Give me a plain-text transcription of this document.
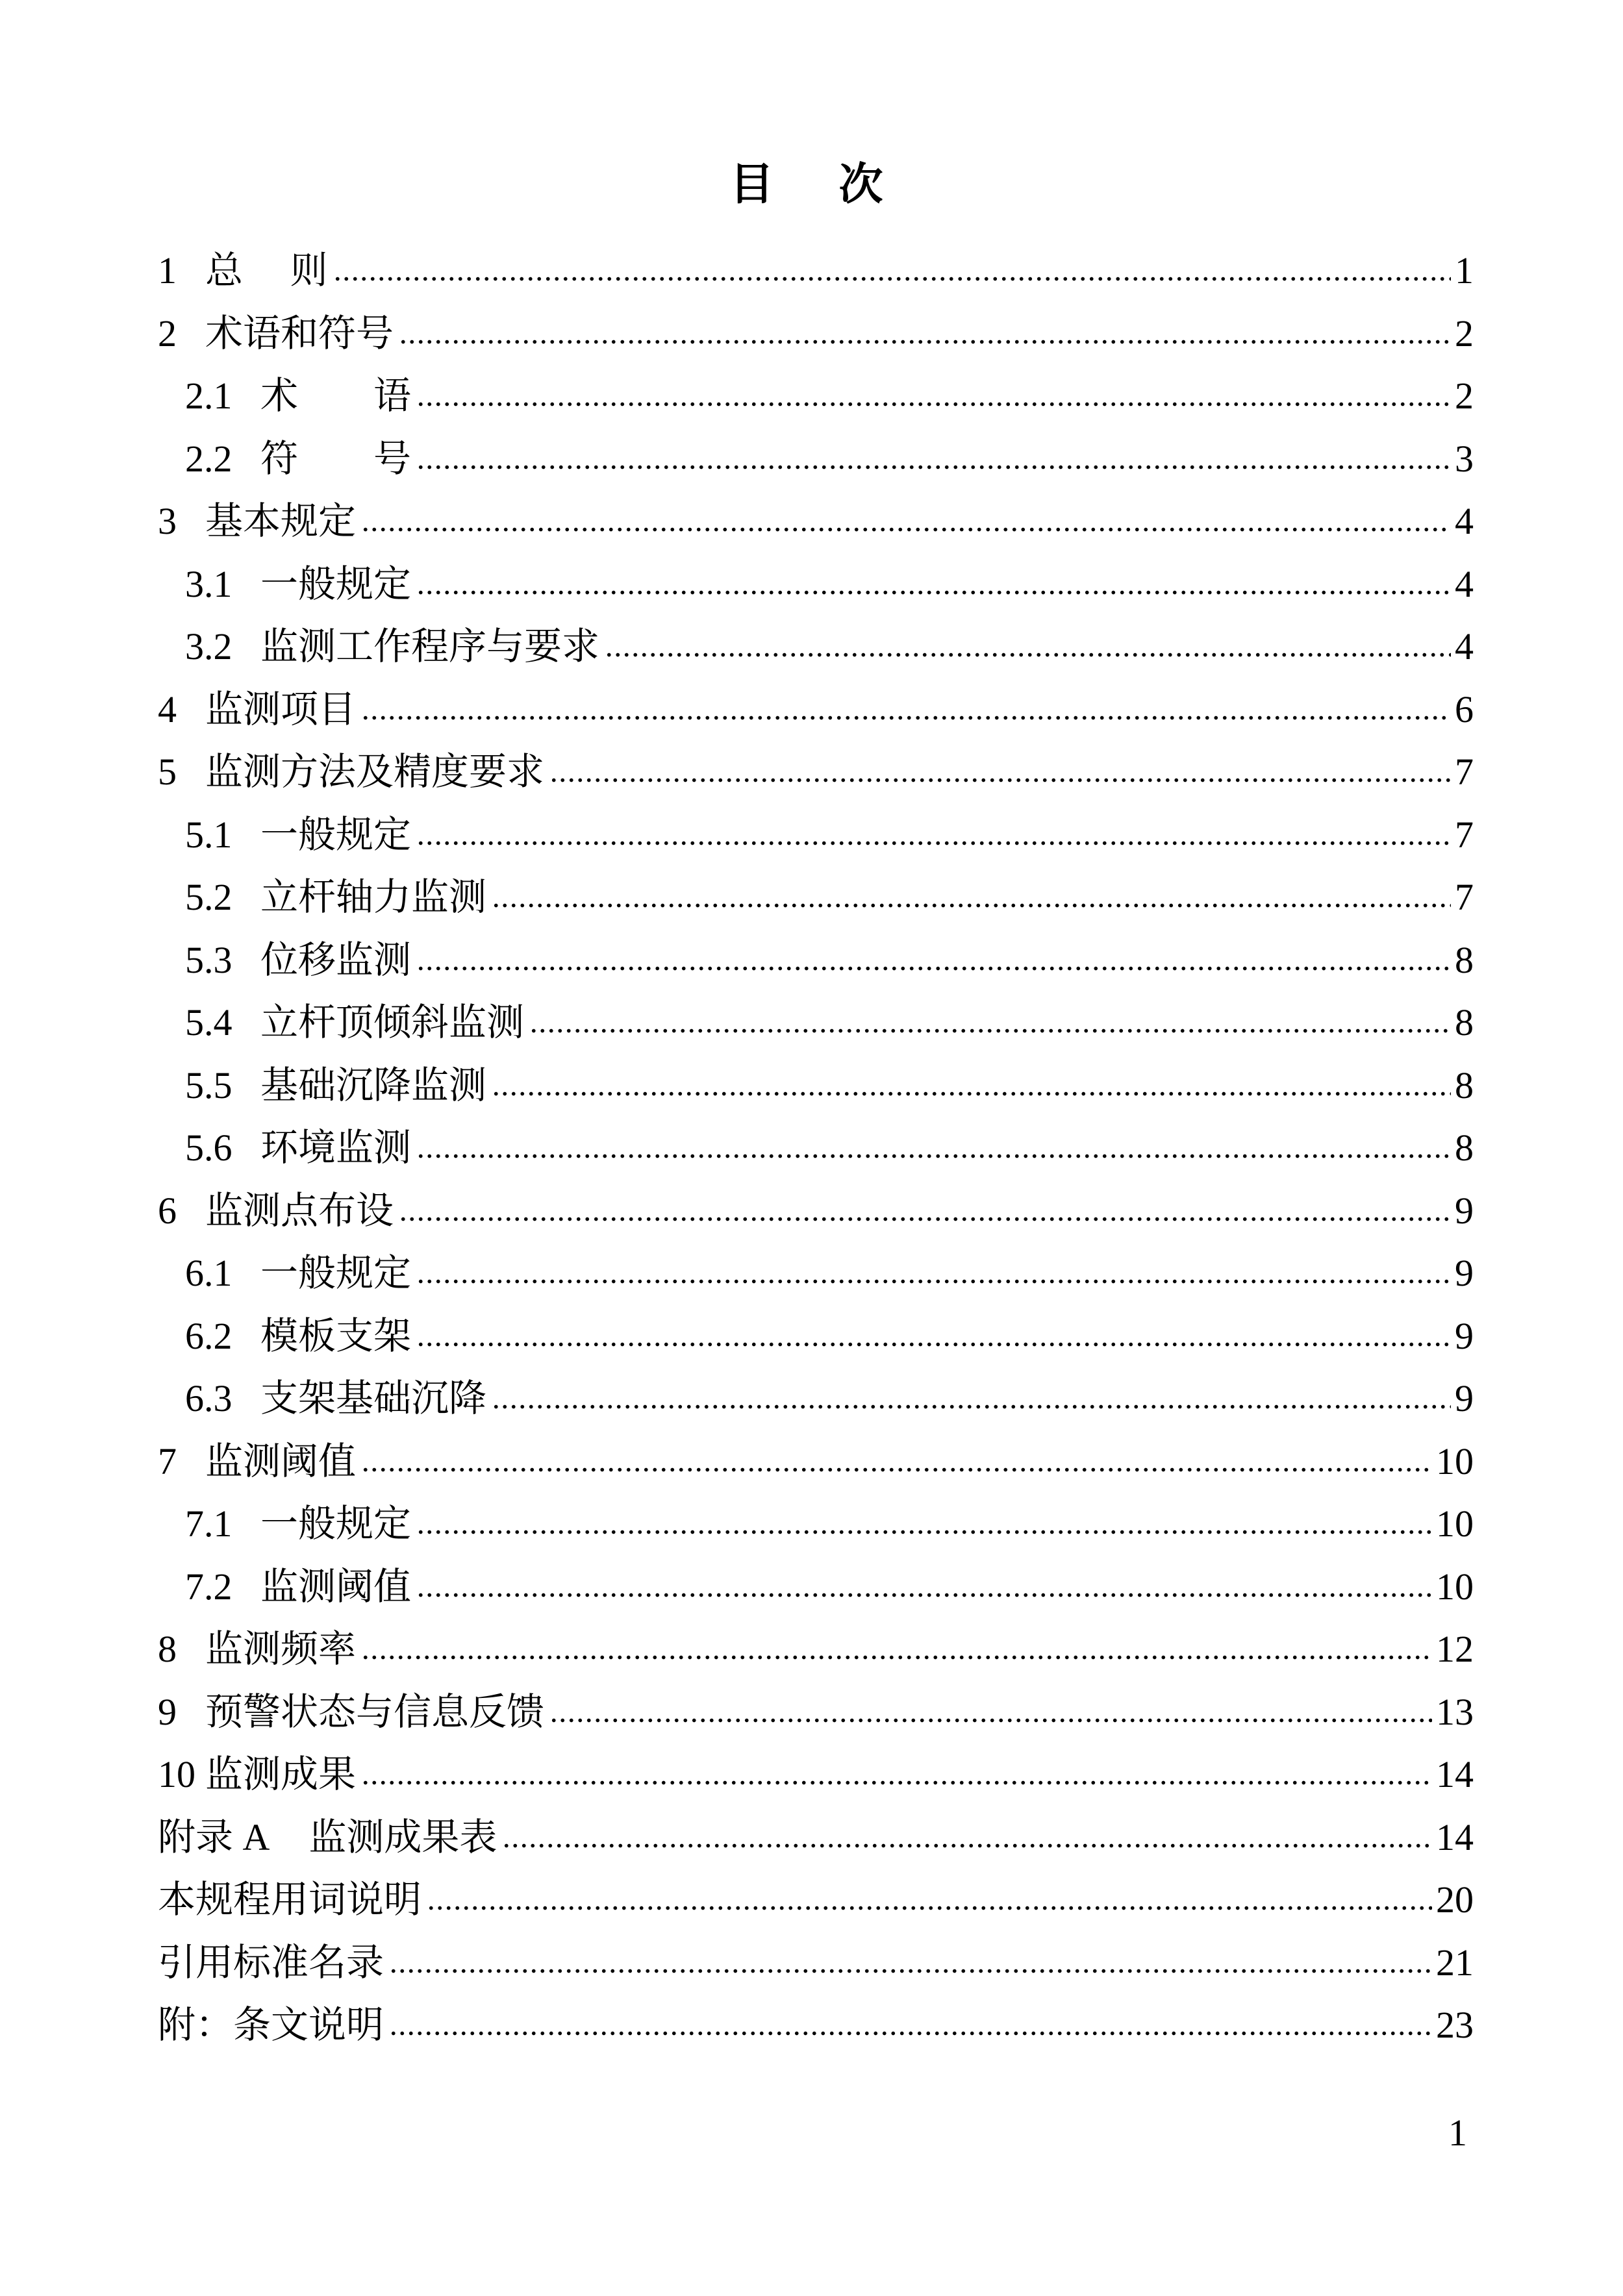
目　次
1 总　 则	1
2 术语和符号	2
2.1 术　　语	2
2.2 符　　号	3
3 基本规定	4
3.1 一般规定	4
3.2 监测工作程序与要求	4
4 监测项目	6
5 监测方法及精度要求	7
5.1 一般规定	7
5.2 立杆轴力监测	7
5.3 位移监测	8
5.4 立杆顶倾斜监测	8
5.5 基础沉降监测	8
5.6 环境监测	8
6 监测点布设	9
6.1 一般规定	9
6.2 模板支架	9
6.3 支架基础沉降	9
7 监测阈值	10
7.1 一般规定	10
7.2 监测阈值	10
8 监测频率	12
9 预警状态与信息反馈	13
10 监测成果	14
附录 A 监测成果表	14
本规程用词说明	20
引用标准名录	21
附：条文说明	23
1
